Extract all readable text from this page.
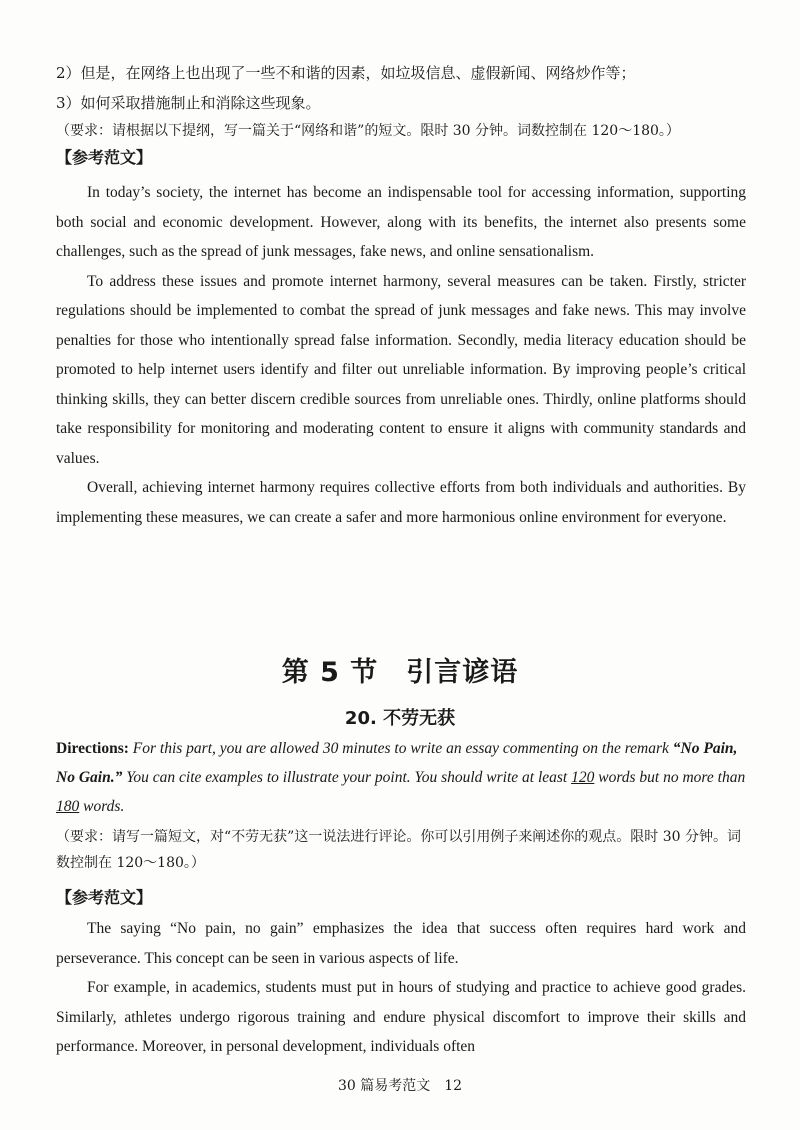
2）但是，在网络上也出现了一些不和谐的因素，如垃圾信息、虚假新闻、网络炒作等；
3）如何采取措施制止和消除这些现象。
（要求：请根据以下提纲，写一篇关于“网络和谐”的短文。限时 30 分钟。词数控制在 120～180。）
【参考范文】

In today’s society, the internet has become an indispensable tool for accessing information, supporting both social and economic development. However, along with its benefits, the internet also presents some challenges, such as the spread of junk messages, fake news, and online sensationalism.

To address these issues and promote internet harmony, several measures can be taken. Firstly, stricter regulations should be implemented to combat the spread of junk messages and fake news. This may involve penalties for those who intentionally spread false information. Secondly, media literacy education should be promoted to help internet users identify and filter out unreliable information. By improving people’s critical thinking skills, they can better discern credible sources from unreliable ones. Thirdly, online platforms should take responsibility for monitoring and moderating content to ensure it aligns with community standards and values.

Overall, achieving internet harmony requires collective efforts from both individuals and authorities. By implementing these measures, we can create a safer and more harmonious online environment for everyone.

第 5 节　引言谚语
20. 不劳无获

Directions: For this part, you are allowed 30 minutes to write an essay commenting on the remark “No Pain, No Gain.” You can cite examples to illustrate your point. You should write at least 120 words but no more than 180 words.

（要求：请写一篇短文，对“不劳无获”这一说法进行评论。你可以引用例子来阐述你的观点。限时 30 分钟。词数控制在 120～180。）

【参考范文】

The saying “No pain, no gain” emphasizes the idea that success often requires hard work and perseverance. This concept can be seen in various aspects of life.

For example, in academics, students must put in hours of studying and practice to achieve good grades. Similarly, athletes undergo rigorous training and endure physical discomfort to improve their skills and performance. Moreover, in personal development, individuals often

30 篇易考范文　12
